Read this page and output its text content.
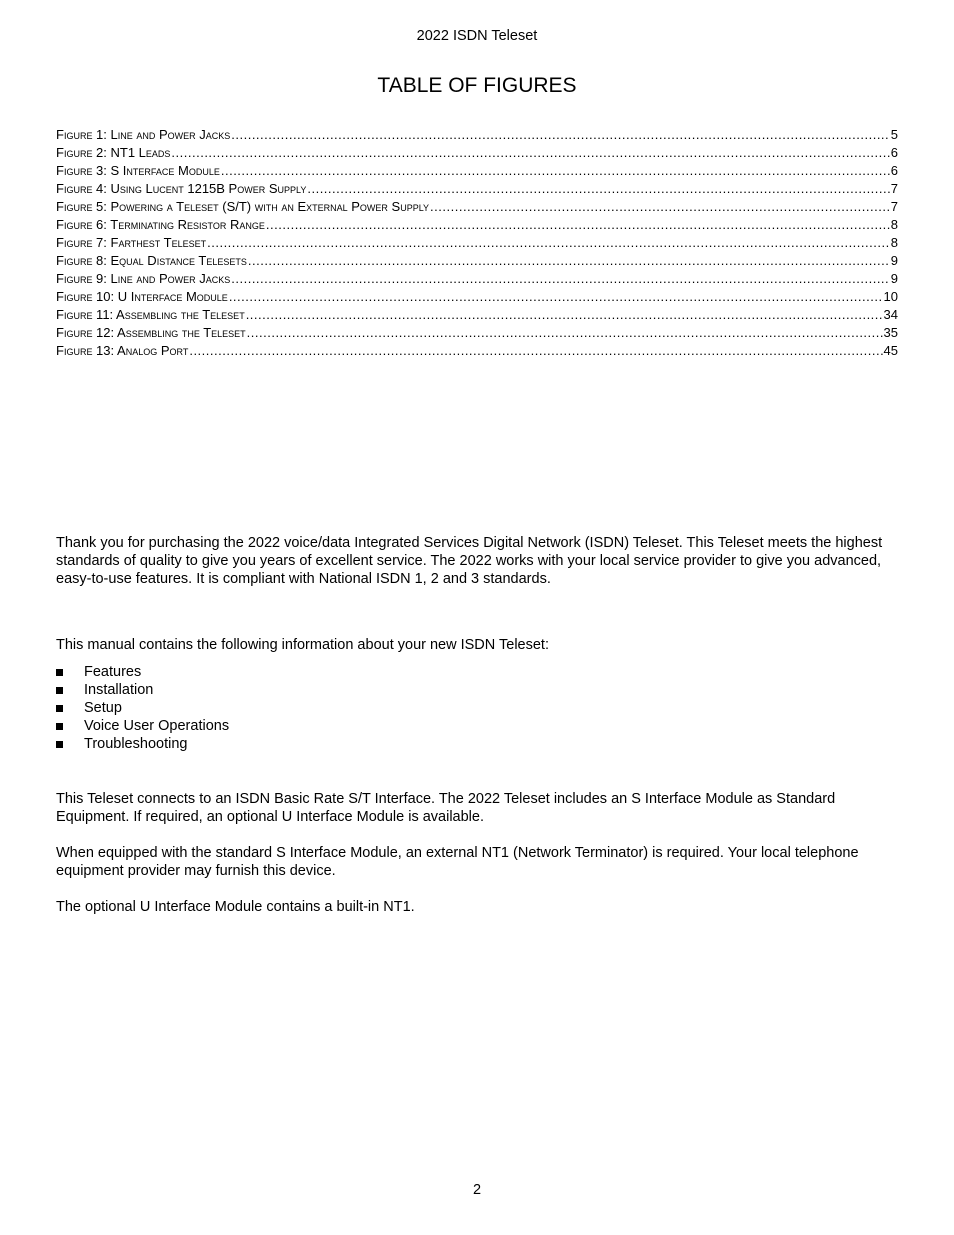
2022 ISDN Teleset
TABLE OF FIGURES
Figure 1: Line and Power Jacks .....	5
Figure 2: NT1 Leads .....	6
Figure 3: S Interface Module .....	6
Figure 4: Using Lucent 1215B Power Supply .....	7
Figure 5: Powering a Teleset (S/T) with an External Power Supply .....	7
Figure 6: Terminating Resistor Range .....	8
Figure 7: Farthest Teleset .....	8
Figure 8: Equal Distance Telesets .....	9
Figure 9: Line and Power Jacks .....	9
Figure 10: U Interface Module .....	10
Figure 11: Assembling the Teleset .....	34
Figure 12: Assembling the Teleset .....	35
Figure 13: Analog Port .....	45

Thank you for purchasing the 2022 voice/data Integrated Services Digital Network (ISDN) Teleset. This Teleset meets the highest standards of quality to give you years of excellent service. The 2022 works with your local service provider to give you advanced, easy-to-use features. It is compliant with National ISDN 1, 2 and 3 standards.

This manual contains the following information about your new ISDN Teleset:

Features
Installation
Setup
Voice User Operations
Troubleshooting

This Teleset connects to an ISDN Basic Rate S/T Interface. The 2022 Teleset includes an S Interface Module as Standard Equipment. If required, an optional U Interface Module is available.

When equipped with the standard S Interface Module, an external NT1 (Network Terminator) is required. Your local telephone equipment provider may furnish this device.

The optional U Interface Module contains a built-in NT1.

2
